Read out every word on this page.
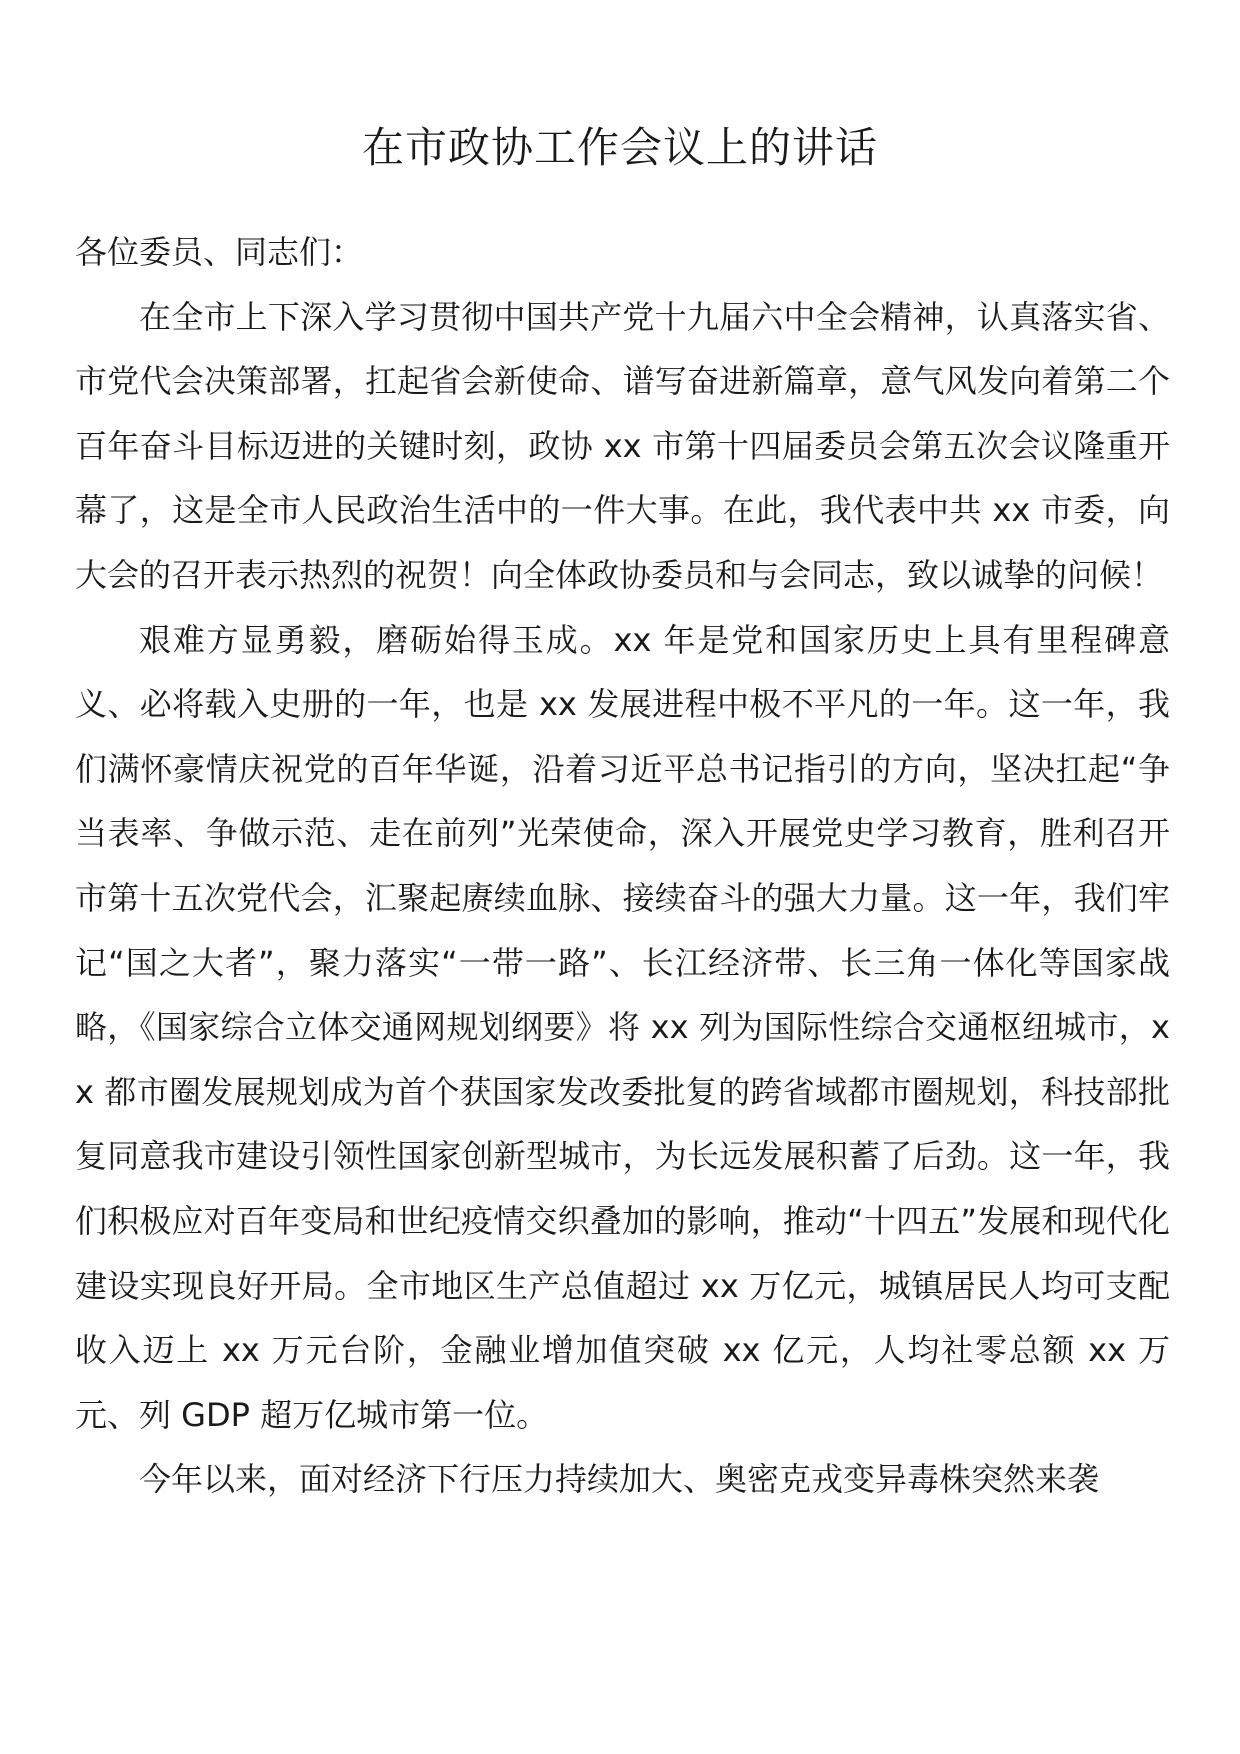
在市政协工作会议上的讲话

各位委员、同志们：

在全市上下深入学习贯彻中国共产党十九届六中全会精神，认真落实省、市党代会决策部署，扛起省会新使命、谱写奋进新篇章，意气风发向着第二个百年奋斗目标迈进的关键时刻，政协 xx 市第十四届委员会第五次会议隆重开幕了，这是全市人民政治生活中的一件大事。在此，我代表中共 xx 市委，向大会的召开表示热烈的祝贺！向全体政协委员和与会同志，致以诚挚的问候！

艰难方显勇毅，磨砺始得玉成。xx 年是党和国家历史上具有里程碑意义、必将载入史册的一年，也是 xx 发展进程中极不平凡的一年。这一年，我们满怀豪情庆祝党的百年华诞，沿着习近平总书记指引的方向，坚决扛起“争当表率、争做示范、走在前列”光荣使命，深入开展党史学习教育，胜利召开市第十五次党代会，汇聚起赓续血脉、接续奋斗的强大力量。这一年，我们牢记“国之大者”，聚力落实“一带一路”、长江经济带、长三角一体化等国家战略，《国家综合立体交通网规划纲要》将 xx 列为国际性综合交通枢纽城市，xx 都市圈发展规划成为首个获国家发改委批复的跨省域都市圈规划，科技部批复同意我市建设引领性国家创新型城市，为长远发展积蓄了后劲。这一年，我们积极应对百年变局和世纪疫情交织叠加的影响，推动“十四五”发展和现代化建设实现良好开局。全市地区生产总值超过 xx 万亿元，城镇居民人均可支配收入迈上 xx 万元台阶，金融业增加值突破 xx 亿元，人均社零总额 xx 万元、列 GDP 超万亿城市第一位。

今年以来，面对经济下行压力持续加大、奥密克戎变异毒株突然来袭
